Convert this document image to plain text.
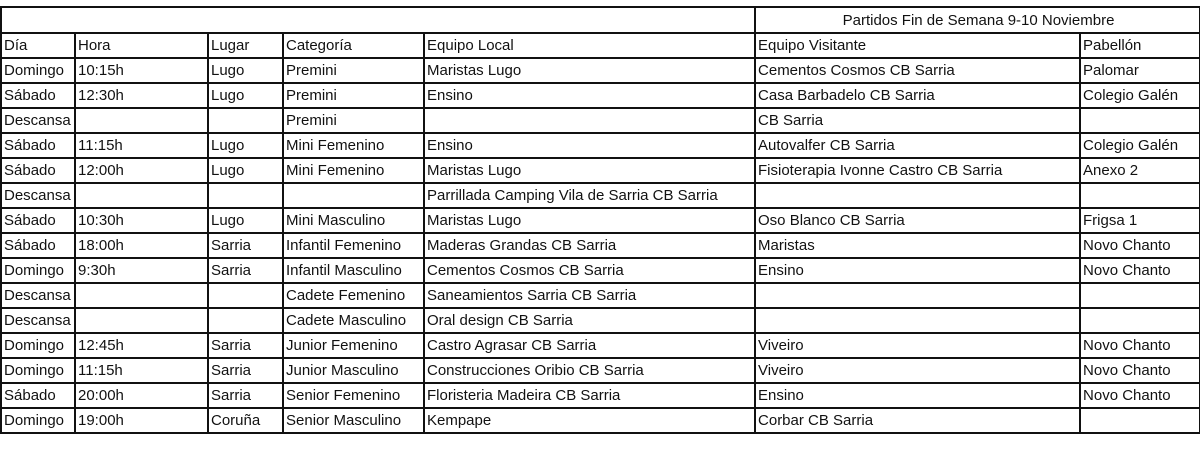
					Partidos Fin de Semana 9-10 Noviembre	
Día	Hora	Lugar	Categoría	Equipo Local	Equipo Visitante	Pabellón
Domingo	10:15h	Lugo	Premini	Maristas Lugo	Cementos Cosmos CB Sarria	Palomar
Sábado	12:30h	Lugo	Premini	Ensino	Casa Barbadelo CB Sarria	Colegio Galén
Descansa			Premini		CB Sarria	
Sábado	11:15h	Lugo	Mini Femenino	Ensino	Autovalfer CB Sarria	Colegio Galén
Sábado	12:00h	Lugo	Mini Femenino	Maristas Lugo	Fisioterapia Ivonne Castro CB Sarria	Anexo 2
Descansa				Parrillada Camping Vila de Sarria CB Sarria		
Sábado	10:30h	Lugo	Mini Masculino	Maristas Lugo	Oso Blanco CB Sarria	Frigsa 1
Sábado	18:00h	Sarria	Infantil Femenino	Maderas Grandas CB Sarria	Maristas	Novo Chanto
Domingo	9:30h	Sarria	Infantil Masculino	Cementos Cosmos CB Sarria	Ensino	Novo Chanto
Descansa			Cadete Femenino	Saneamientos Sarria CB Sarria		
Descansa			Cadete Masculino	Oral design CB Sarria		
Domingo	12:45h	Sarria	Junior Femenino	Castro Agrasar CB Sarria	Viveiro	Novo Chanto
Domingo	11:15h	Sarria	Junior Masculino	Construcciones Oribio CB Sarria	Viveiro	Novo Chanto
Sábado	20:00h	Sarria	Senior Femenino	Floristeria Madeira CB Sarria	Ensino	Novo Chanto
Domingo	19:00h	Coruña	Senior Masculino	Kempape	Corbar CB Sarria	
